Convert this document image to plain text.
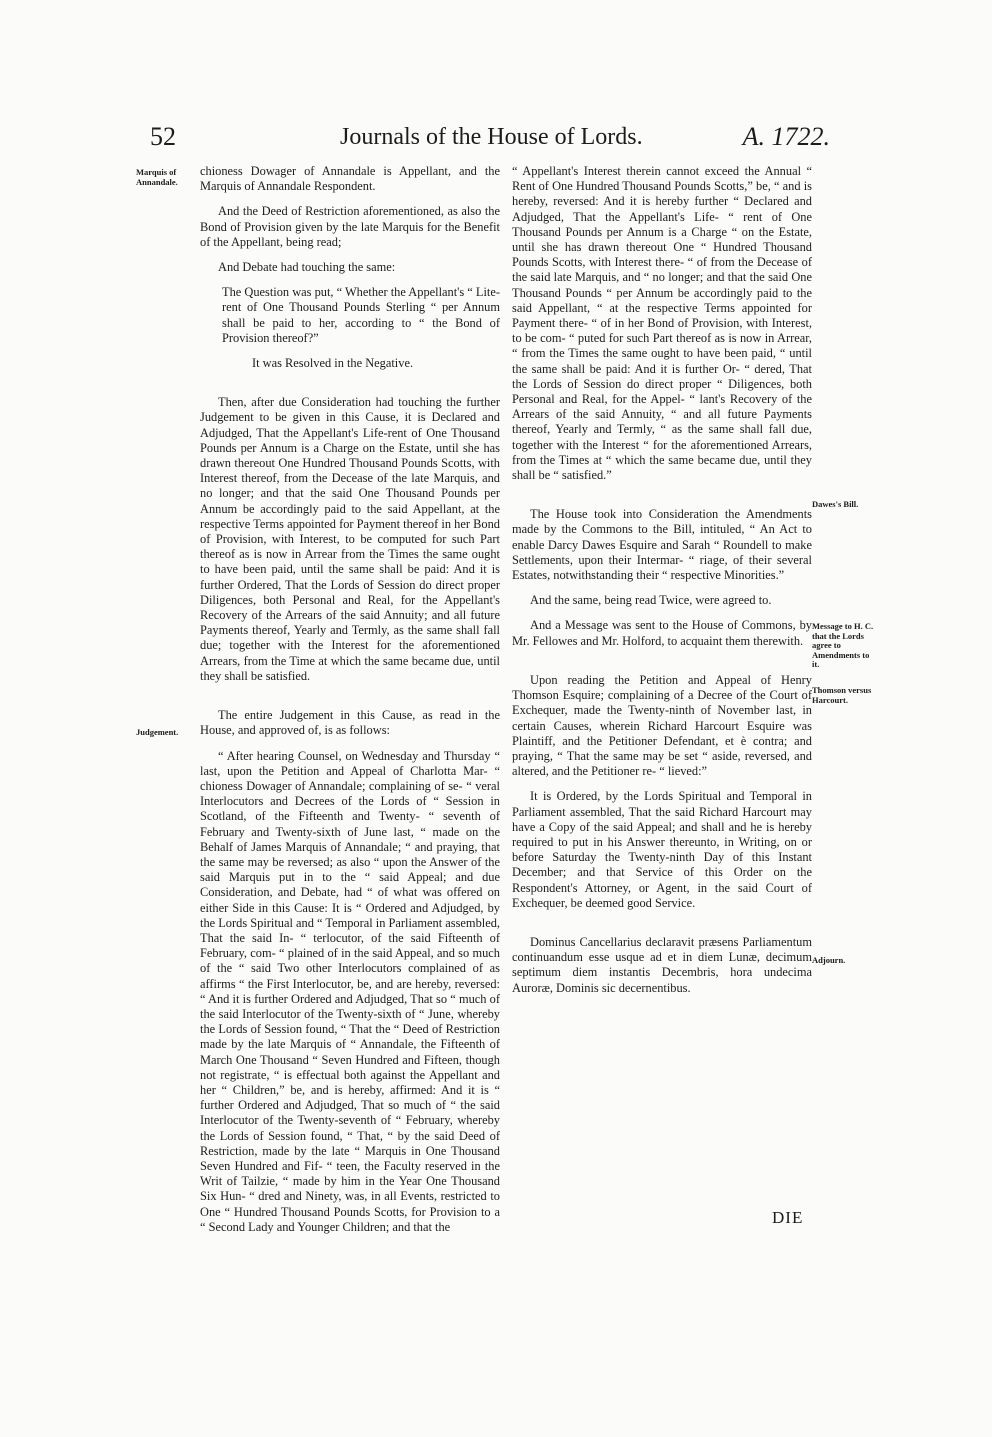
52	Journals of the House of Lords.	A. 1722.
Marquis of Annandale.
Judgement.
Dawes's Bill.
Message to H. C. that the Lords agree to Amendments to it.
Thomson versus Harcourt.
Adjourn.

chioness Dowager of Annandale is Appellant, and the Marquis of Annandale Respondent.

And the Deed of Restriction aforementioned, as also the Bond of Provision given by the late Marquis for the Benefit of the Appellant, being read;

And Debate had touching the same:

The Question was put, “ Whether the Appellant's “ Lite-rent of One Thousand Pounds Sterling “ per Annum shall be paid to her, according to “ the Bond of Provision thereof?”

It was Resolved in the Negative.

Then, after due Consideration had touching the further Judgement to be given in this Cause, it is Declared and Adjudged, That the Appellant's Life-rent of One Thousand Pounds per Annum is a Charge on the Estate, until she has drawn thereout One Hundred Thousand Pounds Scotts, with Interest thereof, from the Decease of the late Marquis, and no longer; and that the said One Thousand Pounds per Annum be accordingly paid to the said Appellant, at the respective Terms appointed for Payment thereof in her Bond of Provision, with Interest, to be computed for such Part thereof as is now in Arrear from the Times the same ought to have been paid, until the same shall be paid: And it is further Ordered, That the Lords of Session do direct proper Diligences, both Personal and Real, for the Appellant's Recovery of the Arrears of the said Annuity; and all future Payments thereof, Yearly and Termly, as the same shall fall due; together with the Interest for the aforementioned Arrears, from the Time at which the same became due, until they shall be satisfied.

The entire Judgement in this Cause, as read in the House, and approved of, is as follows:

“ After hearing Counsel, on Wednesday and Thursday “ last, upon the Petition and Appeal of Charlotta Mar- “ chioness Dowager of Annandale; complaining of se- “ veral Interlocutors and Decrees of the Lords of “ Session in Scotland, of the Fifteenth and Twenty- “ seventh of February and Twenty-sixth of June last, “ made on the Behalf of James Marquis of Annandale; “ and praying, that the same may be reversed; as also “ upon the Answer of the said Marquis put in to the “ said Appeal; and due Consideration, and Debate, had “ of what was offered on either Side in this Cause: It is “ Ordered and Adjudged, by the Lords Spiritual and “ Temporal in Parliament assembled, That the said In- “ terlocutor, of the said Fifteenth of February, com- “ plained of in the said Appeal, and so much of the “ said Two other Interlocutors complained of as affirms “ the First Interlocutor, be, and are hereby, reversed: “ And it is further Ordered and Adjudged, That so “ much of the said Interlocutor of the Twenty-sixth of “ June, whereby the Lords of Session found, “ That the “ Deed of Restriction made by the late Marquis of “ Annandale, the Fifteenth of March One Thousand “ Seven Hundred and Fifteen, though not registrate, “ is effectual both against the Appellant and her “ Children,” be, and is hereby, affirmed: And it is “ further Ordered and Adjudged, That so much of “ the said Interlocutor of the Twenty-seventh of “ February, whereby the Lords of Session found, “ That, “ by the said Deed of Restriction, made by the late “ Marquis in One Thousand Seven Hundred and Fif- “ teen, the Faculty reserved in the Writ of Tailzie, “ made by him in the Year One Thousand Six Hun- “ dred and Ninety, was, in all Events, restricted to One “ Hundred Thousand Pounds Scotts, for Provision to a “ Second Lady and Younger Children; and that the

“ Appellant's Interest therein cannot exceed the Annual “ Rent of One Hundred Thousand Pounds Scotts,” be, “ and is hereby, reversed: And it is hereby further “ Declared and Adjudged, That the Appellant's Life- “ rent of One Thousand Pounds per Annum is a Charge “ on the Estate, until she has drawn thereout One “ Hundred Thousand Pounds Scotts, with Interest there- “ of from the Decease of the said late Marquis, and “ no longer; and that the said One Thousand Pounds “ per Annum be accordingly paid to the said Appellant, “ at the respective Terms appointed for Payment there- “ of in her Bond of Provision, with Interest, to be com- “ puted for such Part thereof as is now in Arrear, “ from the Times the same ought to have been paid, “ until the same shall be paid: And it is further Or- “ dered, That the Lords of Session do direct proper “ Diligences, both Personal and Real, for the Appel- “ lant's Recovery of the Arrears of the said Annuity, “ and all future Payments thereof, Yearly and Termly, “ as the same shall fall due, together with the Interest “ for the aforementioned Arrears, from the Times at “ which the same became due, until they shall be “ satisfied.”

The House took into Consideration the Amendments made by the Commons to the Bill, intituled, “ An Act to enable Darcy Dawes Esquire and Sarah “ Roundell to make Settlements, upon their Intermar- “ riage, of their several Estates, notwithstanding their “ respective Minorities.”

And the same, being read Twice, were agreed to.

And a Message was sent to the House of Commons, by Mr. Fellowes and Mr. Holford, to acquaint them therewith.

Upon reading the Petition and Appeal of Henry Thomson Esquire; complaining of a Decree of the Court of Exchequer, made the Twenty-ninth of November last, in certain Causes, wherein Richard Harcourt Esquire was Plaintiff, and the Petitioner Defendant, et è contra; and praying, “ That the same may be set “ aside, reversed, and altered, and the Petitioner re- “ lieved:”

It is Ordered, by the Lords Spiritual and Temporal in Parliament assembled, That the said Richard Harcourt may have a Copy of the said Appeal; and shall and he is hereby required to put in his Answer thereunto, in Writing, on or before Saturday the Twenty-ninth Day of this Instant December; and that Service of this Order on the Respondent's Attorney, or Agent, in the said Court of Exchequer, be deemed good Service.

Dominus Cancellarius declaravit præsens Parliamentum continuandum esse usque ad et in diem Lunæ, decimum septimum diem instantis Decembris, hora undecima Auroræ, Dominis sic decernentibus.

DIE
